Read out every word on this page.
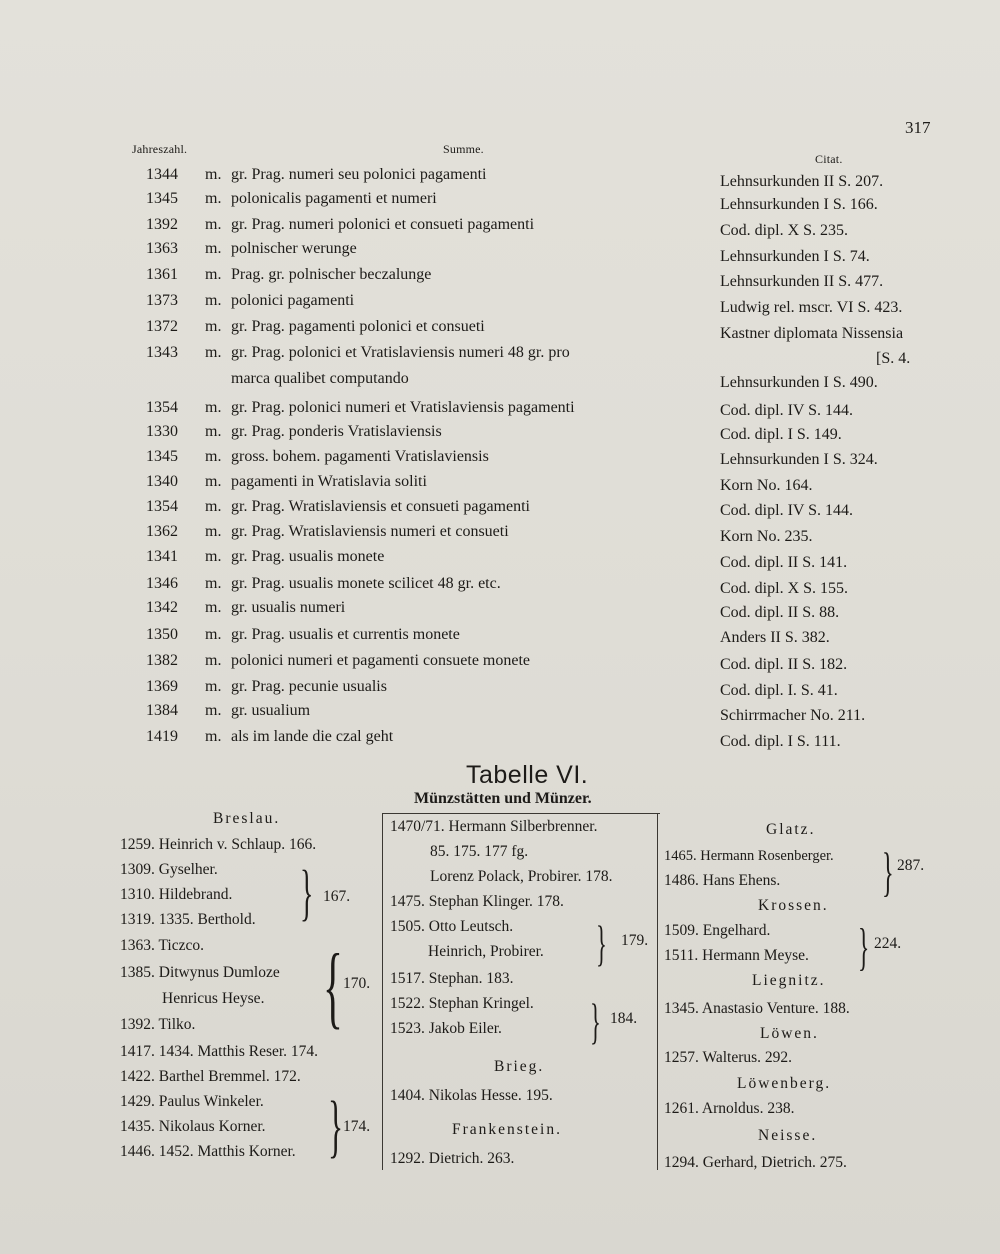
317
Jahreszahl.	Summe.
Citat.
1344 m. gr. Prag. numeri seu polonici pagamenti	Lehnsurkunden II S. 207.
1345 m. polonicalis pagamenti et numeri	Lehnsurkunden I S. 166.
1392 m. gr. Prag. numeri polonici et consueti pagamenti	Cod. dipl. X S. 235.
1363 m. polnischer werunge	Lehnsurkunden I S. 74.
1361 m. Prag. gr. polnischer beczalunge	Lehnsurkunden II S. 477.
1373 m. polonici pagamenti	Ludwig rel. mscr. VI S. 423.
1372 m. gr. Prag. pagamenti polonici et consueti	Kastner diplomata Nissensia
1343 m. gr. Prag. polonici et Vratislaviensis numeri 48 gr. pro	[S. 4.
marca qualibet computando	Lehnsurkunden I S. 490.
1354 m. gr. Prag. polonici numeri et Vratislaviensis pagamenti	Cod. dipl. IV S. 144.
1330 m. gr. Prag. ponderis Vratislaviensis	Cod. dipl. I S. 149.
1345 m. gross. bohem. pagamenti Vratislaviensis	Lehnsurkunden I S. 324.
1340 m. pagamenti in Wratislavia soliti	Korn No. 164.
1354 m. gr. Prag. Wratislaviensis et consueti pagamenti	Cod. dipl. IV S. 144.
1362 m. gr. Prag. Wratislaviensis numeri et consueti	Korn No. 235.
1341 m. gr. Prag. usualis monete	Cod. dipl. II S. 141.
1346 m. gr. Prag. usualis monete scilicet 48 gr. etc.	Cod. dipl. X S. 155.
1342 m. gr. usualis numeri	Cod. dipl. II S. 88.
1350 m. gr. Prag. usualis et currentis monete	Anders II S. 382.
1382 m. polonici numeri et pagamenti consuete monete	Cod. dipl. II S. 182.
1369 m. gr. Prag. pecunie usualis	Cod. dipl. I. S. 41.
1384 m. gr. usualium	Schirrmacher No. 211.
1419 m. als im lande die czal geht	Cod. dipl. I S. 111.
Tabelle VI.
Münzstätten und Münzer.
Breslau.
1259. Heinrich v. Schlaup. 166.
1309. Gyselher.
1310. Hildebrand.
1319. 1335. Berthold. } 167.
1363. Ticzco.
1385. Ditwynus Dumloze
Henricus Heyse.
1392. Tilko. { 170.
1417. 1434. Matthis Reser. 174.
1422. Barthel Bremmel. 172.
1429. Paulus Winkeler.
1435. Nikolaus Korner.
1446. 1452. Matthis Korner. } 174.
1470/71. Hermann Silberbrenner.
85. 175. 177 fg.
Lorenz Polack, Probirer. 178.
1475. Stephan Klinger. 178.
1505. Otto Leutsch.
Heinrich, Probirer. } 179.
1517. Stephan. 183.
1522. Stephan Kringel.
1523. Jakob Eiler. } 184.
Brieg.
1404. Nikolas Hesse. 195.
Frankenstein.
1292. Dietrich. 263.
Glatz.
1465. Hermann Rosenberger.
1486. Hans Ehens. } 287.
Krossen.
1509. Engelhard.
1511. Hermann Meyse. } 224.
Liegnitz.
1345. Anastasio Venture. 188.
Löwen.
1257. Walterus. 292.
Löwenberg.
1261. Arnoldus. 238.
Neisse.
1294. Gerhard, Dietrich. 275.
